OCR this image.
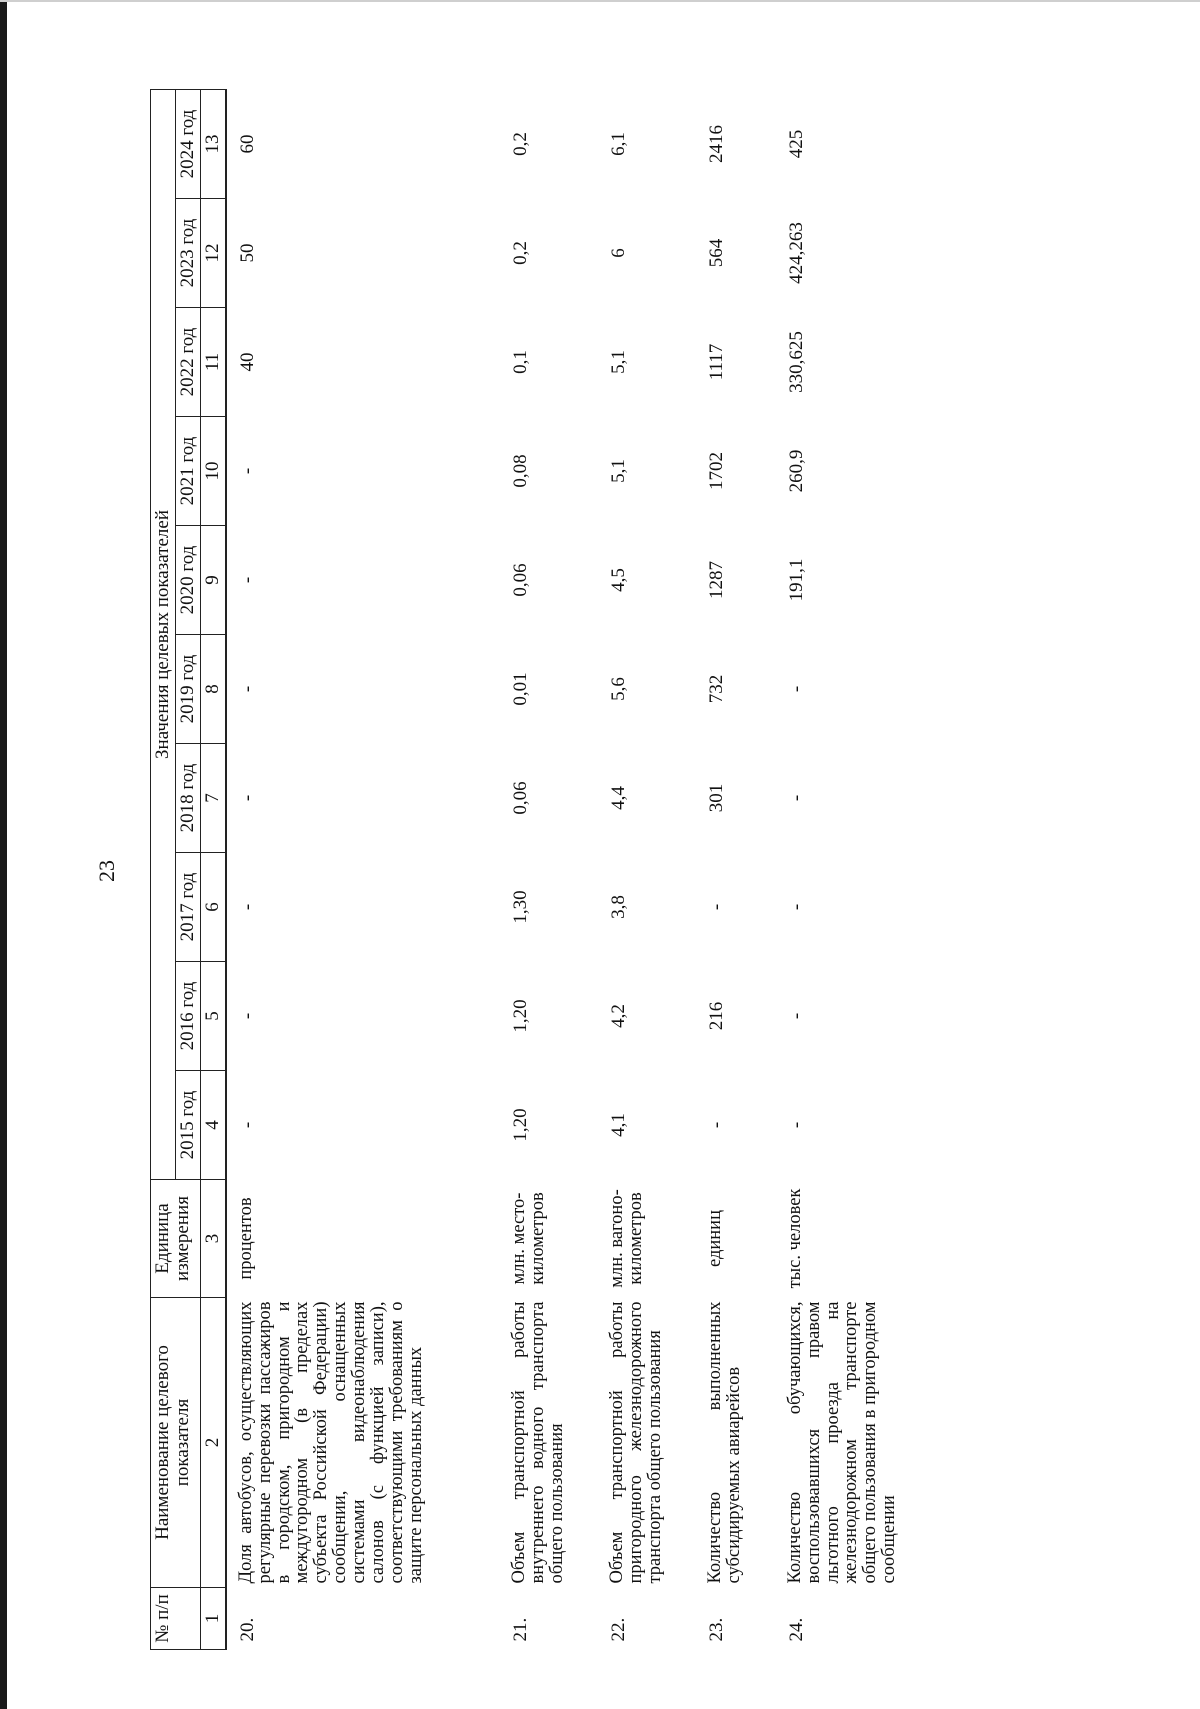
23
№ п/п	Наименование целевого показателя	Единица измерения	Значения целевых показателей									
			2015 год	2016 год	2017 год	2018 год	2019 год	2020 год	2021 год	2022 год	2023 год	2024 год
1	2	3	4	5	6	7	8	9	10	11	12	13
20.	Доля автобусов, осуществляющих регулярные перевозки пассажиров в городском, пригородном и междугородном (в пределах субъекта Российской Федерации) сообщении, оснащенных системами видеонаблюдения салонов (с функцией записи), соответствующими требованиям о защите персональных данных	процентов	-	-	-	-	-	-	-	40	50	60
21.	Объем транспортной работы внутреннего водного транспорта общего пользования	млн. место-километров	1,20	1,20	1,30	0,06	0,01	0,06	0,08	0,1	0,2	0,2
22.	Объем транспортной работы пригородного железнодорожного транспорта общего пользования	млн. вагоно-километров	4,1	4,2	3,8	4,4	5,6	4,5	5,1	5,1	6	6,1
23.	Количество выполненных субсидируемых авиарейсов	единиц	-	216	-	301	732	1287	1702	1117	564	2416
24.	Количество обучающихся, воспользовавшихся правом льготного проезда на железнодорожном транспорте общего пользования в пригородном сообщении	тыс. человек	-	-	-	-	-	191,1	260,9	330,625	424,263	425
